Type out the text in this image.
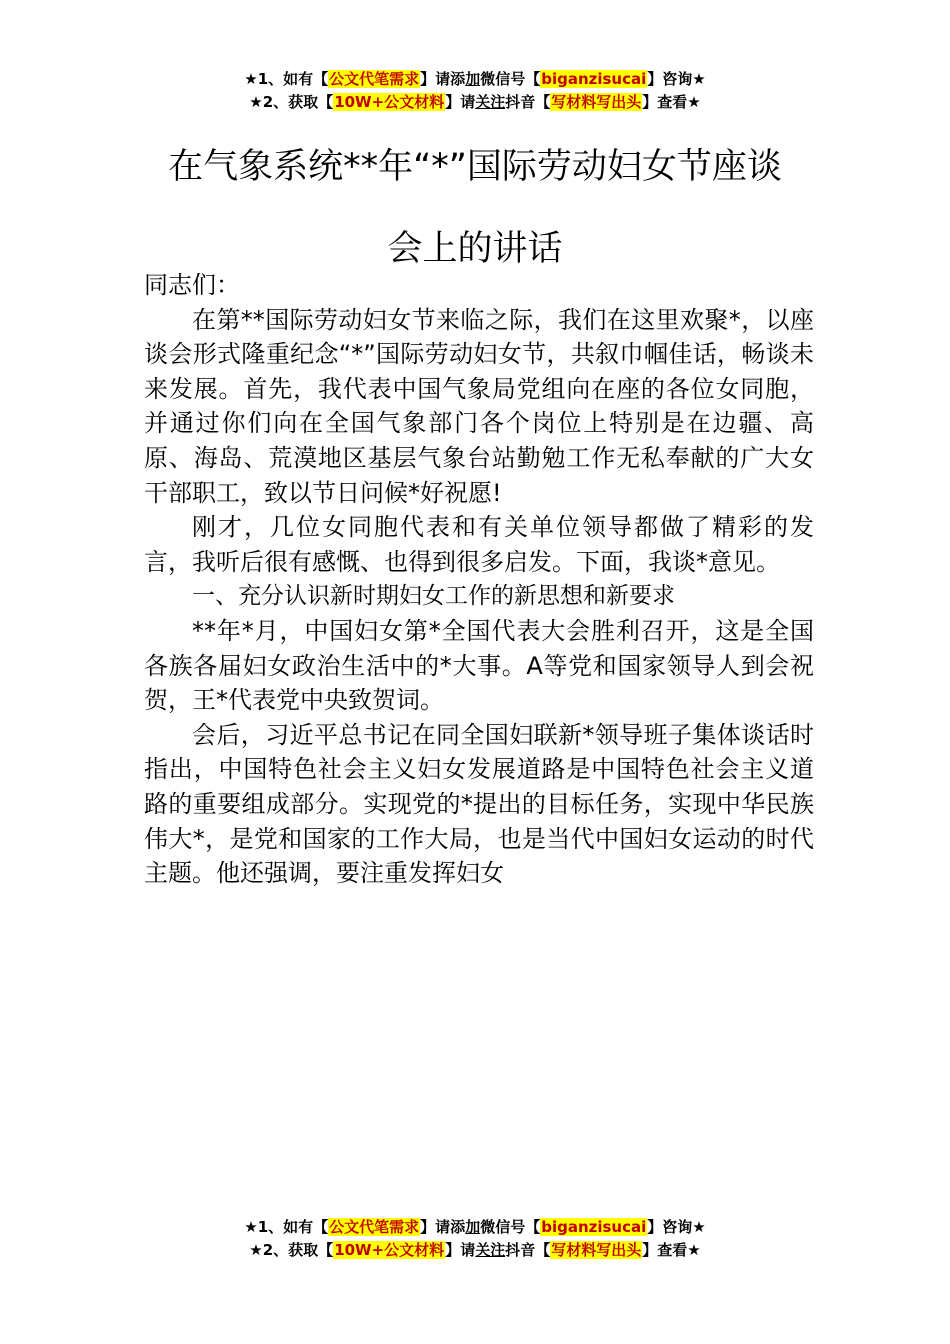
★1、如有【公文代笔需求】请添加微信号【biganzisucai】咨询★
★2、获取【10W+公文材料】请关注抖音【写材料写出头】查看★
在气象系统**年“*”国际劳动妇女节座谈
会上的讲话

同志们：

在第**国际劳动妇女节来临之际，我们在这里欢聚*，以座谈会形式隆重纪念“*”国际劳动妇女节，共叙巾帼佳话，畅谈未来发展。首先，我代表中国气象局党组向在座的各位女同胞，并通过你们向在全国气象部门各个岗位上特别是在边疆、高原、海岛、荒漠地区基层气象台站勤勉工作无私奉献的广大女干部职工，致以节日问候*好祝愿!

刚才，几位女同胞代表和有关单位领导都做了精彩的发言，我听后很有感慨、也得到很多启发。下面，我谈*意见。

一、充分认识新时期妇女工作的新思想和新要求

**年*月，中国妇女第*全国代表大会胜利召开，这是全国各族各届妇女政治生活中的*大事。A等党和国家领导人到会祝贺，王*代表党中央致贺词。

会后，习近平总书记在同全国妇联新*领导班子集体谈话时指出，中国特色社会主义妇女发展道路是中国特色社会主义道路的重要组成部分。实现党的*提出的目标任务，实现中华民族伟大*，是党和国家的工作大局，也是当代中国妇女运动的时代主题。他还强调，要注重发挥妇女

★1、如有【公文代笔需求】请添加微信号【biganzisucai】咨询★
★2、获取【10W+公文材料】请关注抖音【写材料写出头】查看★
